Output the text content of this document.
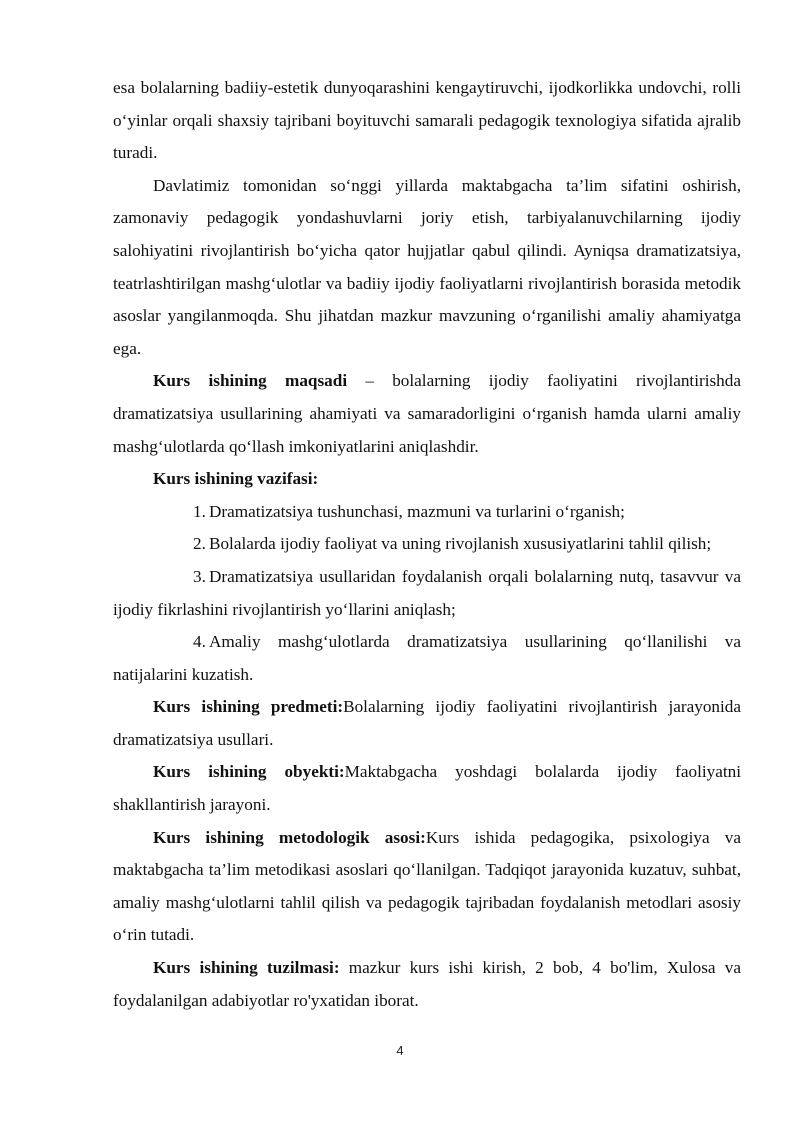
esa bolalarning badiiy-estetik dunyoqarashini kengaytiruvchi, ijodkorlikka undovchi, rolli o‘yinlar orqali shaxsiy tajribani boyituvchi samarali pedagogik texnologiya sifatida ajralib turadi.

Davlatimiz tomonidan so‘nggi yillarda maktabgacha ta’lim sifatini oshirish, zamonaviy pedagogik yondashuvlarni joriy etish, tarbiyalanuvchilarning ijodiy salohiyatini rivojlantirish bo‘yicha qator hujjatlar qabul qilindi. Ayniqsa dramatizatsiya, teatrlashtirilgan mashg‘ulotlar va badiiy ijodiy faoliyatlarni rivojlantirish borasida metodik asoslar yangilanmoqda. Shu jihatdan mazkur mavzuning o‘rganilishi amaliy ahamiyatga ega.

Kurs ishining maqsadi – bolalarning ijodiy faoliyatini rivojlantirishda dramatizatsiya usullarining ahamiyati va samaradorligini o‘rganish hamda ularni amaliy mashg‘ulotlarda qo‘llash imkoniyatlarini aniqlashdir.

Kurs ishining vazifasi:

1. Dramatizatsiya tushunchasi, mazmuni va turlarini o‘rganish;

2. Bolalarda ijodiy faoliyat va uning rivojlanish xususiyatlarini tahlil qilish;

3. Dramatizatsiya usullaridan foydalanish orqali bolalarning nutq, tasavvur va ijodiy fikrlashini rivojlantirish yo‘llarini aniqlash;

4. Amaliy mashg‘ulotlarda dramatizatsiya usullarining qo‘llanilishi va natijalarini kuzatish.

Kurs ishining predmeti:Bolalarning ijodiy faoliyatini rivojlantirish jarayonida dramatizatsiya usullari.

Kurs ishining obyekti:Maktabgacha yoshdagi bolalarda ijodiy faoliyatni shakllantirish jarayoni.

Kurs ishining metodologik asosi:Kurs ishida pedagogika, psixologiya va maktabgacha ta’lim metodikasi asoslari qo‘llanilgan. Tadqiqot jarayonida kuzatuv, suhbat, amaliy mashg‘ulotlarni tahlil qilish va pedagogik tajribadan foydalanish metodlari asosiy o‘rin tutadi.

Kurs ishining tuzilmasi: mazkur kurs ishi kirish, 2 bob, 4 bo'lim, Xulosa va foydalanilgan adabiyotlar ro'yxatidan iborat.

4
